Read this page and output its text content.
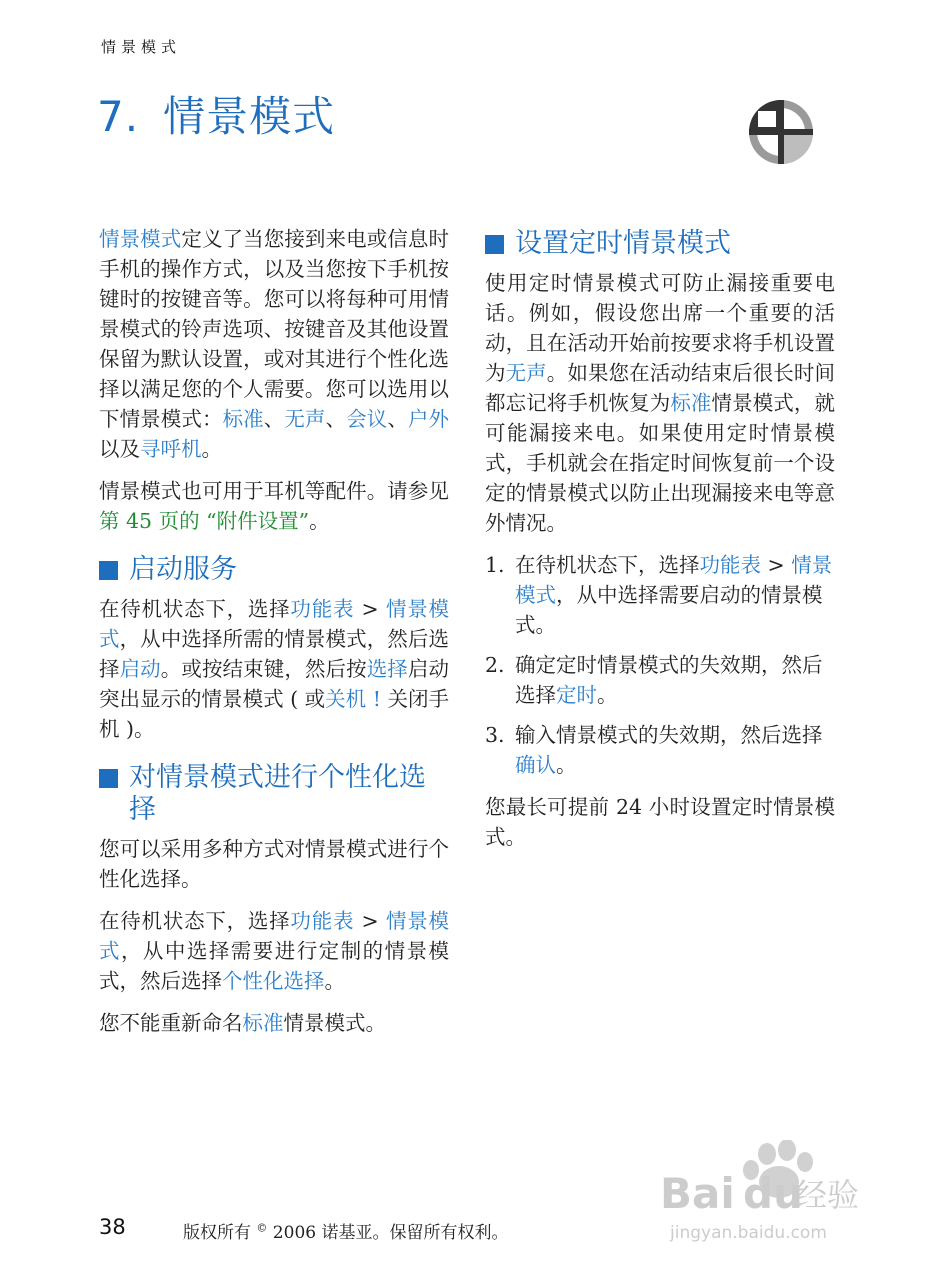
情景模式
7. 情景模式

情景模式定义了当您接到来电或信息时手机的操作方式，以及当您按下手机按键时的按键音等。您可以将每种可用情景模式的铃声选项、按键音及其他设置保留为默认设置，或对其进行个性化选择以满足您的个人需要。您可以选用以下情景模式：标准、无声、会议、户外以及寻呼机。

情景模式也可用于耳机等配件。请参见第 45 页的 “附件设置”。

启动服务

在待机状态下，选择功能表 > 情景模式，从中选择所需的情景模式，然后选择启动。或按结束键，然后按选择启动突出显示的情景模式 ( 或关机 ! 关闭手机 )。

对情景模式进行个性化选择

您可以采用多种方式对情景模式进行个性化选择。

在待机状态下，选择功能表 > 情景模式，从中选择需要进行定制的情景模式，然后选择个性化选择。

您不能重新命名标准情景模式。

设置定时情景模式

使用定时情景模式可防止漏接重要电话。例如，假设您出席一个重要的活动，且在活动开始前按要求将手机设置为无声。如果您在活动结束后很长时间都忘记将手机恢复为标准情景模式，就可能漏接来电。如果使用定时情景模式，手机就会在指定时间恢复前一个设定的情景模式以防止出现漏接来电等意外情况。

1. 在待机状态下，选择功能表 > 情景模式，从中选择需要启动的情景模式。
2. 确定定时情景模式的失效期，然后选择定时。
3. 输入情景模式的失效期，然后选择确认。

您最长可提前 24 小时设置定时情景模式。

38	版权所有 © 2006 诺基亚。保留所有权利。
Bai du
经验
jingyan.baidu.com
